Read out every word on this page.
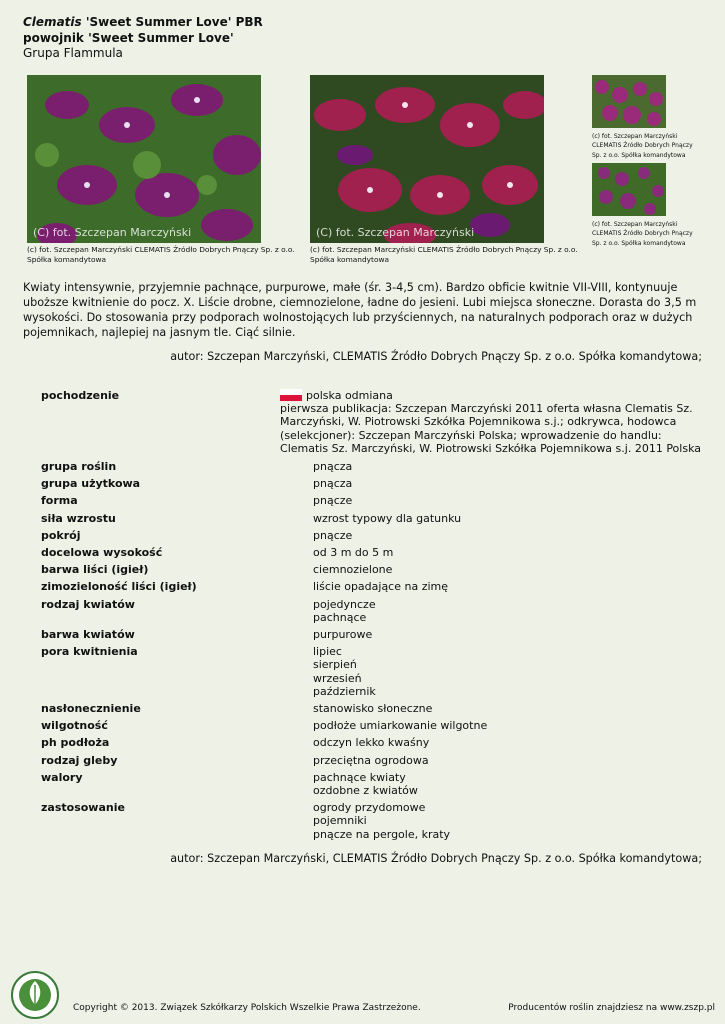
Clematis 'Sweet Summer Love' PBR
powojnik 'Sweet Summer Love'
Grupa Flammula
(C) fot. Szczepan Marczyński
(c) fot. Szczepan Marczyński CLEMATIS Źródło Dobrych Pnączy Sp. z o.o. Spółka komandytowa
(C) fot. Szczepan Marczyński
(c) fot. Szczepan Marczyński CLEMATIS Źródło Dobrych Pnączy Sp. z o.o. Spółka komandytowa
(c) fot. Szczepan Marczyński CLEMATIS Źródło Dobrych Pnączy
Sp. z o.o. Spółka komandytowa
(c) fot. Szczepan Marczyński CLEMATIS Źródło Dobrych Pnączy
Sp. z o.o. Spółka komandytowa
Kwiaty intensywnie, przyjemnie pachnące, purpurowe, małe (śr. 3-4,5 cm). Bardzo obficie kwitnie VII-VIII, kontynuuje uboższe kwitnienie do pocz. X. Liście drobne, ciemnozielone, ładne do jesieni. Lubi miejsca słoneczne. Dorasta do 3,5 m wysokości. Do stosowania przy podporach wolnostojących lub przyściennych, na naturalnych podporach oraz w dużych pojemnikach, najlepiej na jasnym tle. Ciąć silnie.
autor: Szczepan Marczyński, CLEMATIS Źródło Dobrych Pnączy Sp. z o.o. Spółka komandytowa;
pochodzenie	polska odmiana
pierwsza publikacja: Szczepan Marczyński 2011 oferta własna Clematis Sz.
Marczyński, W. Piotrowski Szkółka Pojemnikowa s.j.; odkrywca, hodowca
(selekcjoner): Szczepan Marczyński Polska; wprowadzenie do handlu:
Clematis Sz. Marczyński, W. Piotrowski Szkółka Pojemnikowa s.j. 2011 Polska
grupa roślin	pnącza
grupa użytkowa	pnącza
forma	pnącze
siła wzrostu	wzrost typowy dla gatunku
pokrój	pnącze
docelowa wysokość	od 3 m do 5 m
barwa liści (igieł)	ciemnozielone
zimozieloność liści (igieł)	liście opadające na zimę
rodzaj kwiatów	pojedyncze
pachnące
barwa kwiatów	purpurowe
pora kwitnienia	lipiec
sierpień
wrzesień
październik
nasłonecznienie	stanowisko słoneczne
wilgotność	podłoże umiarkowanie wilgotne
ph podłoża	odczyn lekko kwaśny
rodzaj gleby	przeciętna ogrodowa
walory	pachnące kwiaty
ozdobne z kwiatów
zastosowanie	ogrody przydomowe
pojemniki
pnącze na pergole, kraty
autor: Szczepan Marczyński, CLEMATIS Źródło Dobrych Pnączy Sp. z o.o. Spółka komandytowa;
Copyright © 2013. Związek Szkółkarzy Polskich Wszelkie Prawa Zastrzeżone.	Producentów roślin znajdziesz na www.zszp.pl
